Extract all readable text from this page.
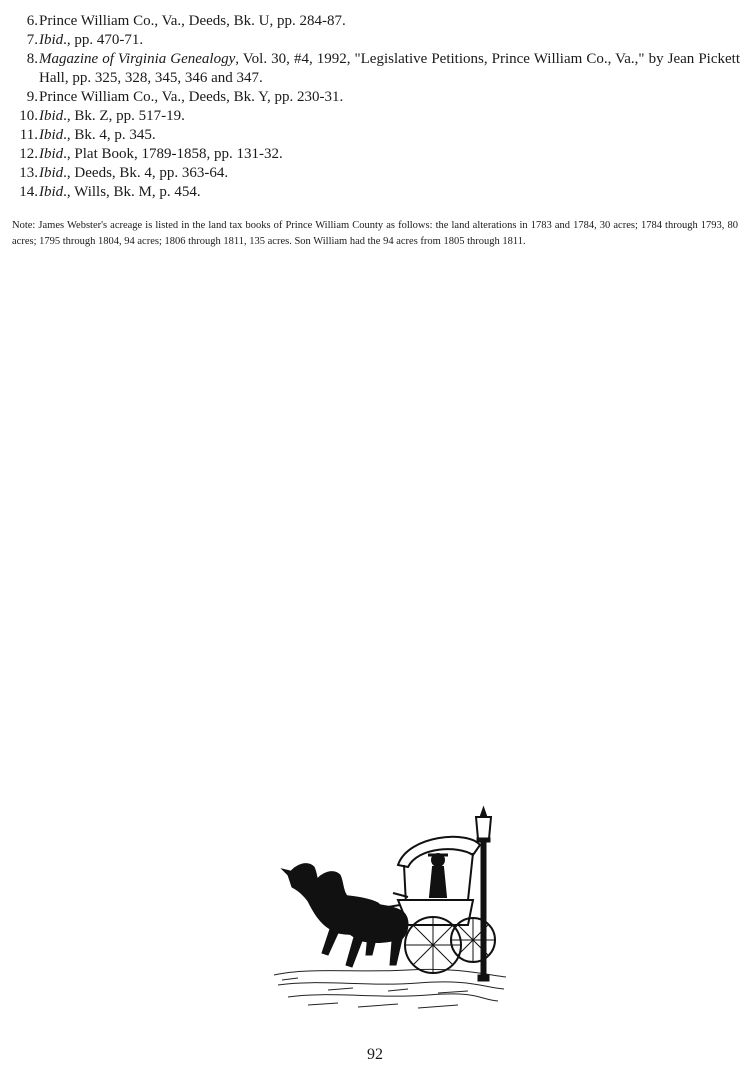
6. Prince William Co., Va., Deeds, Bk. U, pp. 284-87.
7. Ibid., pp. 470-71.
8. Magazine of Virginia Genealogy, Vol. 30, #4, 1992, "Legislative Petitions, Prince William Co., Va.," by Jean Pickett Hall, pp. 325, 328, 345, 346 and 347.
9. Prince William Co., Va., Deeds, Bk. Y, pp. 230-31.
10. Ibid., Bk. Z, pp. 517-19.
11. Ibid., Bk. 4, p. 345.
12. Ibid., Plat Book, 1789-1858, pp. 131-32.
13. Ibid., Deeds, Bk. 4, pp. 363-64.
14. Ibid., Wills, Bk. M, p. 454.

Note: James Webster's acreage is listed in the land tax books of Prince William County as follows: the land alterations in 1783 and 1784, 30 acres; 1784 through 1793, 80 acres; 1795 through 1804, 94 acres; 1806 through 1811, 135 acres. Son William had the 94 acres from 1805 through 1811.

92
